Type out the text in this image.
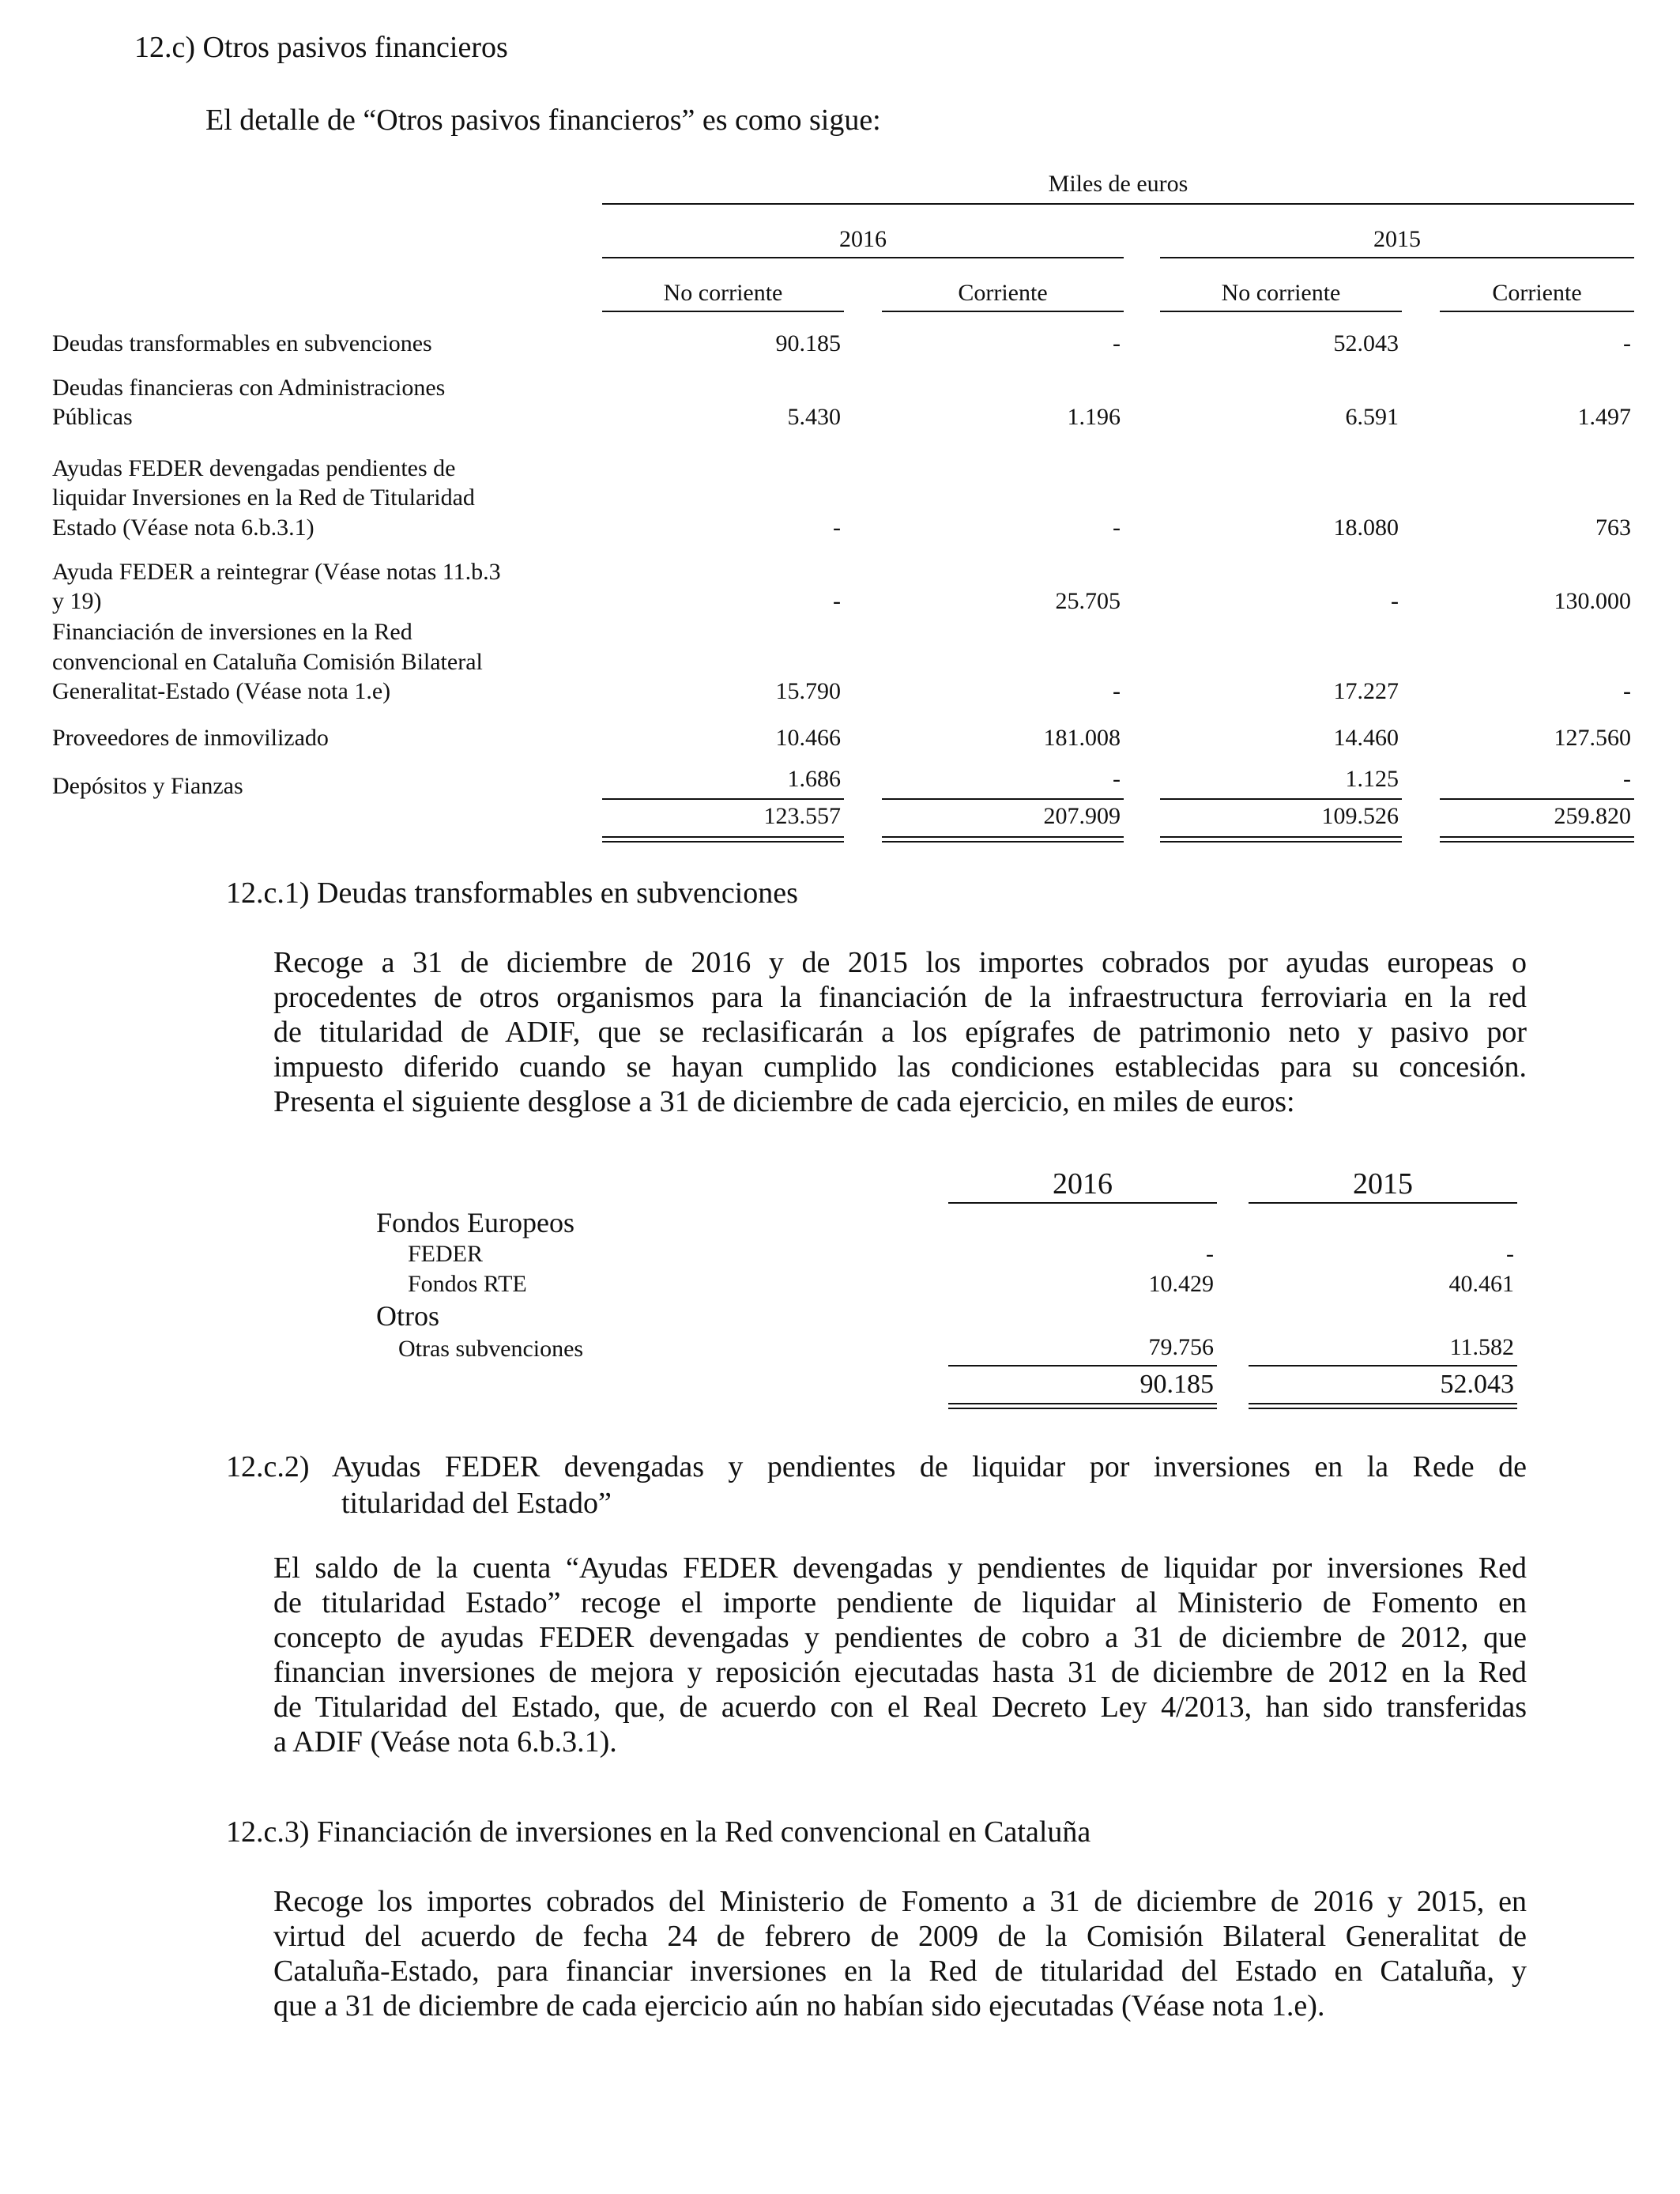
12.c) Otros pasivos financieros
El detalle de “Otros pasivos financieros” es como sigue:
Miles de euros
2016	2015
No corriente	Corriente	No corriente	Corriente
Deudas transformables en subvenciones	90.185	-	52.043	-
Deudas financieras con Administraciones
Públicas	5.430	1.196	6.591	1.497
Ayudas FEDER devengadas pendientes de
liquidar Inversiones en la Red de Titularidad
Estado (Véase nota 6.b.3.1)	-	-	18.080	763
Ayuda FEDER a reintegrar (Véase notas 11.b.3
y 19)	-	25.705	-	130.000
Financiación de inversiones en la Red
convencional en Cataluña Comisión Bilateral
Generalitat-Estado (Véase nota 1.e)	15.790	-	17.227	-
Proveedores de inmovilizado	10.466	181.008	14.460	127.560
Depósitos y Fianzas	1.686	-	1.125	-
123.557	207.909	109.526	259.820
12.c.1) Deudas transformables en subvenciones
Recoge a 31 de diciembre de 2016 y de 2015 los importes cobrados por ayudas europeas o
procedentes de otros organismos para la financiación de la infraestructura ferroviaria en la red
de titularidad de ADIF, que se reclasificarán a los epígrafes de patrimonio neto y pasivo por
impuesto diferido cuando se hayan cumplido las condiciones establecidas para su concesión.
Presenta el siguiente desglose a 31 de diciembre de cada ejercicio, en miles de euros:
2016	2015
Fondos Europeos
FEDER	-	-
Fondos RTE	10.429	40.461
Otros
Otras subvenciones	79.756	11.582
90.185	52.043
12.c.2) Ayudas FEDER devengadas y pendientes de liquidar por inversiones en la Rede de
titularidad del Estado”
El saldo de la cuenta “Ayudas FEDER devengadas y pendientes de liquidar por inversiones Red
de titularidad Estado” recoge el importe pendiente de liquidar al Ministerio de Fomento en
concepto de ayudas FEDER devengadas y pendientes de cobro a 31 de diciembre de 2012, que
financian inversiones de mejora y reposición ejecutadas hasta 31 de diciembre de 2012 en la Red
de Titularidad del Estado, que, de acuerdo con el Real Decreto Ley 4/2013, han sido transferidas
a ADIF (Veáse nota 6.b.3.1).
12.c.3) Financiación de inversiones en la Red convencional en Cataluña
Recoge los importes cobrados del Ministerio de Fomento a 31 de diciembre de 2016 y 2015, en
virtud del acuerdo de fecha 24 de febrero de 2009 de la Comisión Bilateral Generalitat de
Cataluña-Estado, para financiar inversiones en la Red de titularidad del Estado en Cataluña, y
que a 31 de diciembre de cada ejercicio aún no habían sido ejecutadas (Véase nota 1.e).
